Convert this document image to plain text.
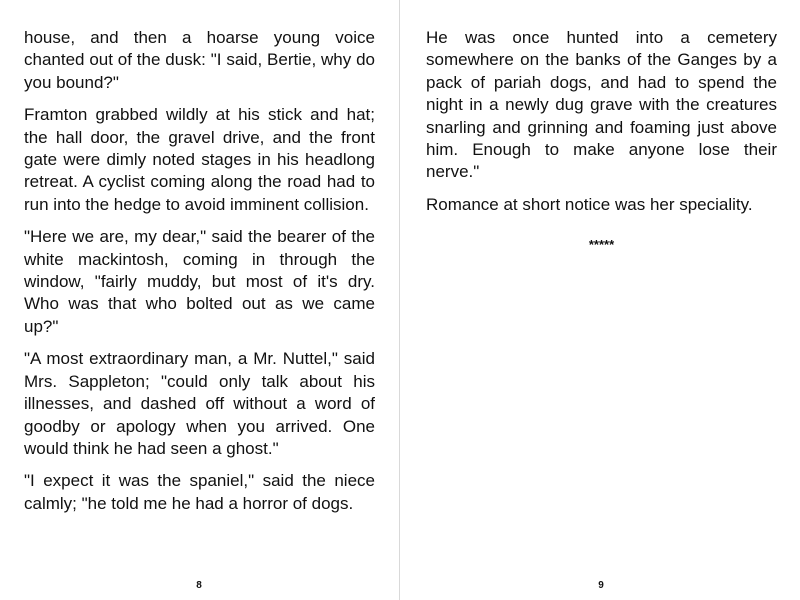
house, and then a hoarse young voice chanted out of the dusk: "I said, Bertie, why do you bound?"

Framton grabbed wildly at his stick and hat; the hall door, the gravel drive, and the front gate were dimly noted stages in his headlong retreat. A cyclist coming along the road had to run into the hedge to avoid imminent collision.

"Here we are, my dear," said the bearer of the white mackintosh, coming in through the window, "fairly muddy, but most of it's dry. Who was that who bolted out as we came up?"

"A most extraordinary man, a Mr. Nuttel," said Mrs. Sappleton; "could only talk about his illnesses, and dashed off without a word of goodby or apology when you arrived. One would think he had seen a ghost."

"I expect it was the spaniel," said the niece calmly; "he told me he had a horror of dogs.

He was once hunted into a cemetery somewhere on the banks of the Ganges by a pack of pariah dogs, and had to spend the night in a newly dug grave with the creatures snarling and grinning and foaming just above him. Enough to make anyone lose their nerve."

Romance at short notice was her speciality.

*****
8	9
